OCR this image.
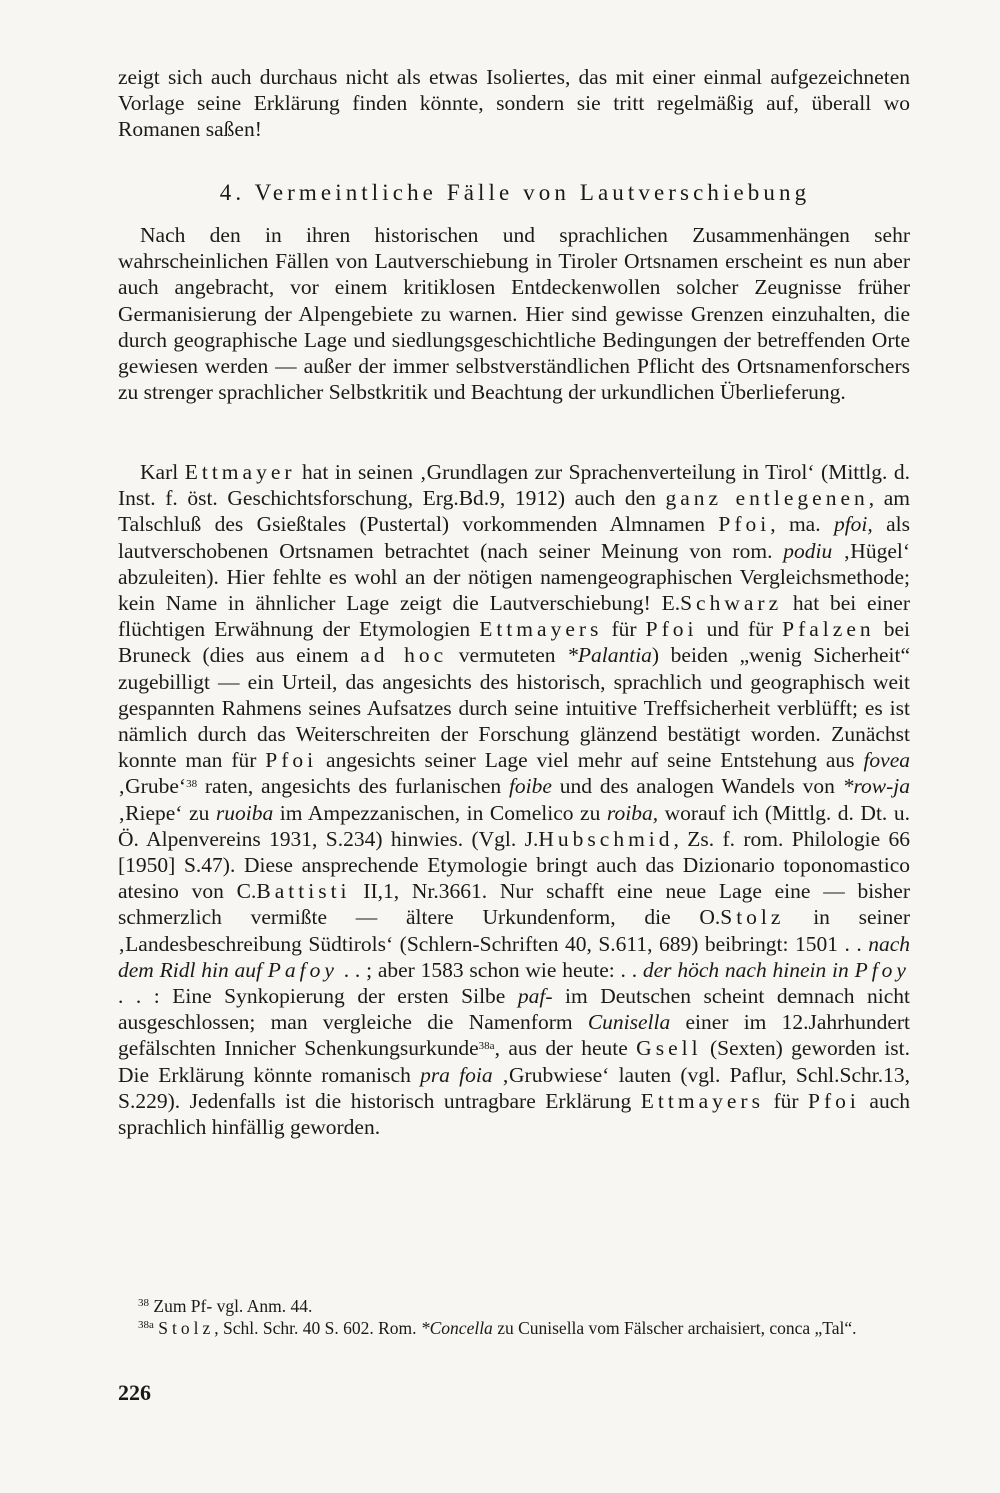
zeigt sich auch durchaus nicht als etwas Isoliertes, das mit einer einmal aufgezeichneten Vorlage seine Erklärung finden könnte, sondern sie tritt regelmäßig auf, überall wo Romanen saßen!
4. Vermeintliche Fälle von Lautverschiebung
Nach den in ihren historischen und sprachlichen Zusammenhängen sehr wahrscheinlichen Fällen von Lautverschiebung in Tiroler Ortsnamen erscheint es nun aber auch angebracht, vor einem kritiklosen Entdeckenwollen solcher Zeugnisse früher Germanisierung der Alpengebiete zu warnen. Hier sind gewisse Grenzen einzuhalten, die durch geographische Lage und siedlungsgeschichtliche Bedingungen der betreffenden Orte gewiesen werden — außer der immer selbstverständlichen Pflicht des Ortsnamenforschers zu strenger sprachlicher Selbstkritik und Beachtung der urkundlichen Überlieferung.
Karl Ettmayer hat in seinen ‚Grundlagen zur Sprachenverteilung in Tirol‘ (Mittlg. d. Inst. f. öst. Geschichtsforschung, Erg.Bd.9, 1912) auch den ganz entlegenen, am Talschluß des Gsießtales (Pustertal) vorkommenden Almnamen Pfoi, ma. pfoi, als lautverschobenen Ortsnamen betrachtet (nach seiner Meinung von rom. podiu ‚Hügel‘ abzuleiten). Hier fehlte es wohl an der nötigen namengeographischen Vergleichsmethode; kein Name in ähnlicher Lage zeigt die Lautverschiebung! E.Schwarz hat bei einer flüchtigen Erwähnung der Etymologien Ettmayers für Pfoi und für Pfalzen bei Bruneck (dies aus einem ad hoc vermuteten *Palantia) beiden „wenig Sicherheit“ zugebilligt — ein Urteil, das angesichts des historisch, sprachlich und geographisch weit gespannten Rahmens seines Aufsatzes durch seine intuitive Treffsicherheit verblüfft; es ist nämlich durch das Weiterschreiten der Forschung glänzend bestätigt worden. Zunächst konnte man für Pfoi angesichts seiner Lage viel mehr auf seine Entstehung aus fovea ‚Grube‘$^{38}$ raten, angesichts des furlanischen foibe und des analogen Wandels von *row-ja ‚Riepe‘ zu ruoiba im Ampezzanischen, in Comelico zu roiba, worauf ich (Mittlg. d. Dt. u. Ö. Alpenvereins 1931, S.234) hinwies. (Vgl. J.Hubschmid, Zs. f. rom. Philologie 66 [1950] S.47). Diese ansprechende Etymologie bringt auch das Dizionario toponomastico atesino von C.Battisti II,1, Nr.3661. Nur schafft eine neue Lage eine — bisher schmerzlich vermißte — ältere Urkundenform, die O.Stolz in seiner ‚Landesbeschreibung Südtirols‘ (Schlern-Schriften 40, S.611, 689) beibringt: 1501 . . nach dem Ridl hin auf Pafoy . . ; aber 1583 schon wie heute: . . der höch nach hinein in Pfoy . . : Eine Synkopierung der ersten Silbe paf- im Deutschen scheint demnach nicht ausgeschlossen; man vergleiche die Namenform Cunisella einer im 12.Jahrhundert gefälschten Innicher Schenkungsurkunde$^{38a}$, aus der heute Gsell (Sexten) geworden ist. Die Erklärung könnte romanisch pra foia ‚Grubwiese‘ lauten (vgl. Paflur, Schl.Schr.13, S.229). Jedenfalls ist die historisch untragbare Erklärung Ettmayers für Pfoi auch sprachlich hinfällig geworden.
$^{38}$ Zum Pf- vgl. Anm. 44.
$^{38a}$ Stolz, Schl. Schr. 40 S. 602. Rom. *Concella zu Cunisella vom Fälscher archaisiert, conca „Tal“.
226
